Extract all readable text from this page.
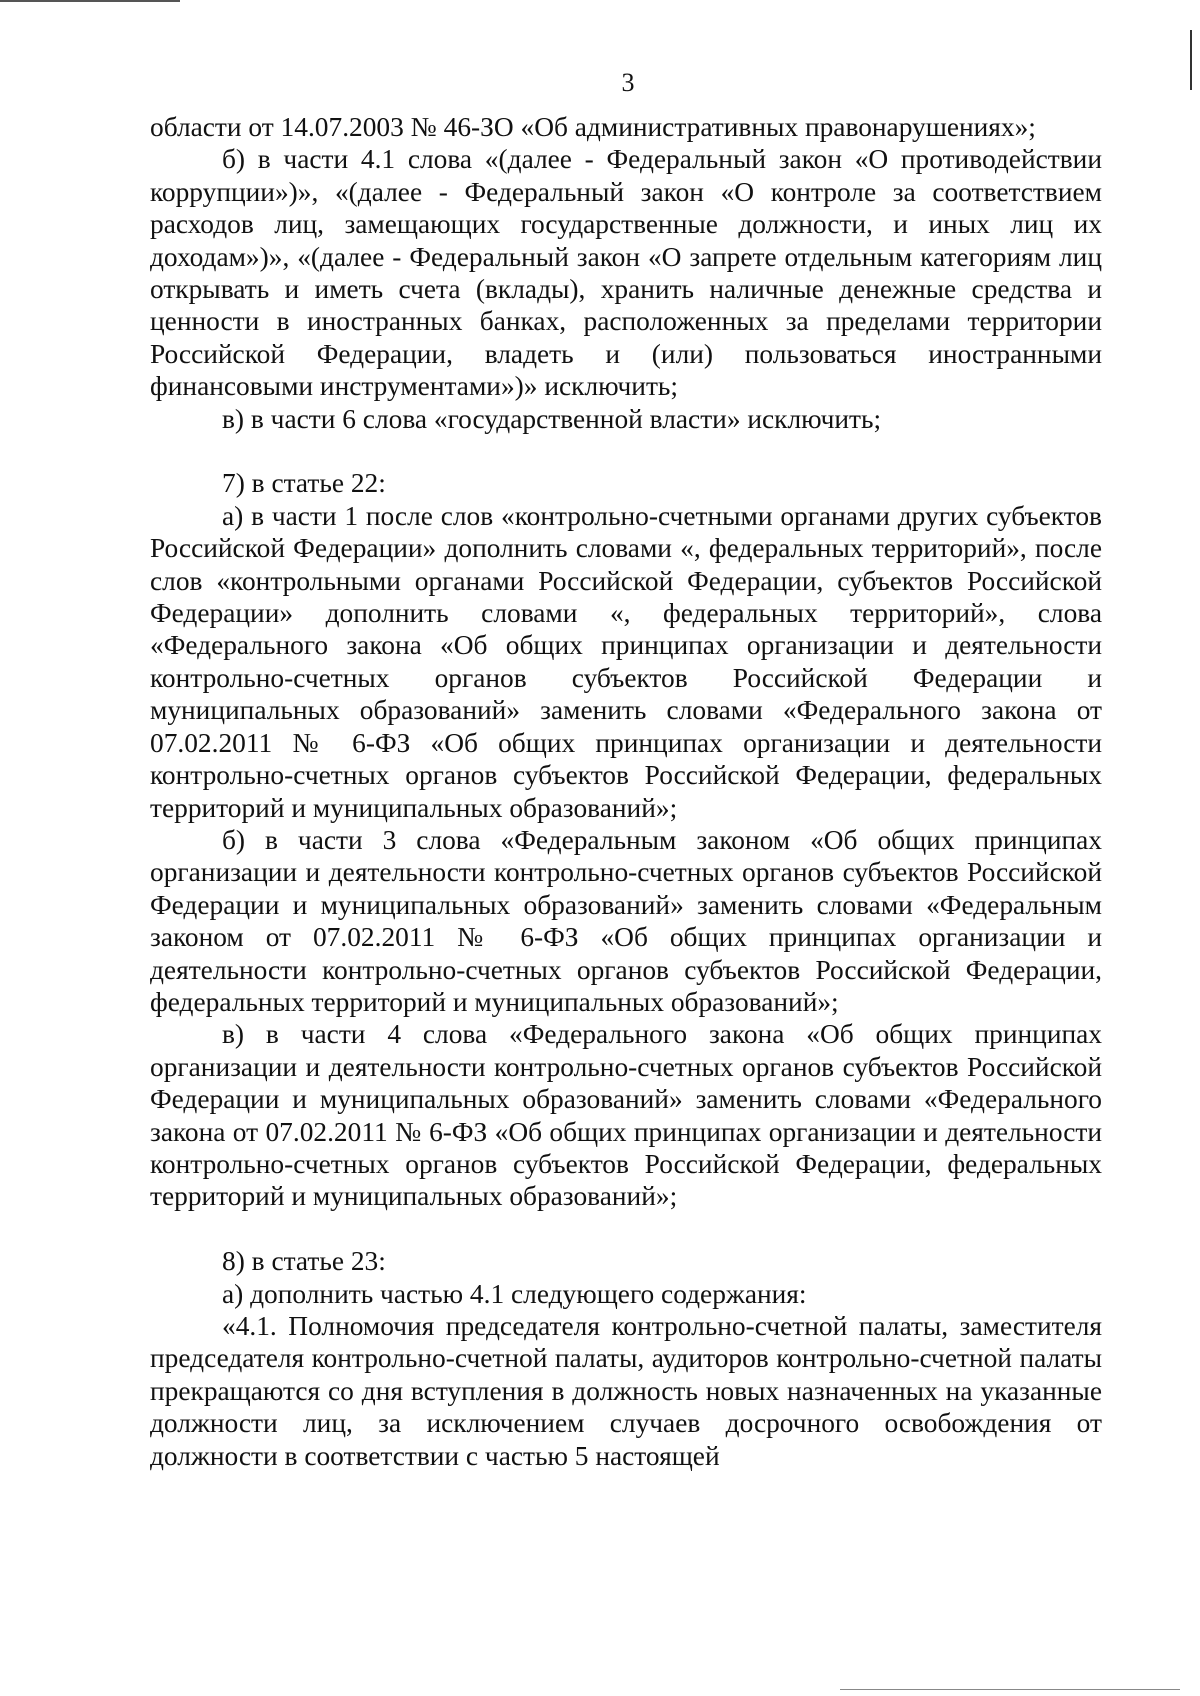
3

области от 14.07.2003 № 46-ЗО «Об административных правонарушениях»;

б) в части 4.1 слова «(далее - Федеральный закон «О противодействии коррупции»)», «(далее - Федеральный закон «О контроле за соответствием расходов лиц, замещающих государственные должности, и иных лиц их доходам»)», «(далее - Федеральный закон «О запрете отдельным категориям лиц открывать и иметь счета (вклады), хранить наличные денежные средства и ценности в иностранных банках, расположенных за пределами территории Российской Федерации, владеть и (или) пользоваться иностранными финансовыми инструментами»)» исключить;

в) в части 6 слова «государственной власти» исключить;

7) в статье 22:

а) в части 1 после слов «контрольно-счетными органами других субъектов Российской Федерации» дополнить словами «, федеральных территорий», после слов «контрольными органами Российской Федерации, субъектов Российской Федерации» дополнить словами «, федеральных территорий», слова «Федерального закона «Об общих принципах организации и деятельности контрольно-счетных органов субъектов Российской Федерации и муниципальных образований» заменить словами «Федерального закона от 07.02.2011 № 6-ФЗ «Об общих принципах организации и деятельности контрольно-счетных органов субъектов Российской Федерации, федеральных территорий и муниципальных образований»;

б) в части 3 слова «Федеральным законом «Об общих принципах организации и деятельности контрольно-счетных органов субъектов Российской Федерации и муниципальных образований» заменить словами «Федеральным законом от 07.02.2011 № 6-ФЗ «Об общих принципах организации и деятельности контрольно-счетных органов субъектов Российской Федерации, федеральных территорий и муниципальных образований»;

в) в части 4 слова «Федерального закона «Об общих принципах организации и деятельности контрольно-счетных органов субъектов Российской Федерации и муниципальных образований» заменить словами «Федерального закона от 07.02.2011 № 6-ФЗ «Об общих принципах организации и деятельности контрольно-счетных органов субъектов Российской Федерации, федеральных территорий и муниципальных образований»;

8) в статье 23:

а) дополнить частью 4.1 следующего содержания:

«4.1. Полномочия председателя контрольно-счетной палаты, заместителя председателя контрольно-счетной палаты, аудиторов контрольно-счетной палаты прекращаются со дня вступления в должность новых назначенных на указанные должности лиц, за исключением случаев досрочного освобождения от должности в соответствии с частью 5 настоящей
